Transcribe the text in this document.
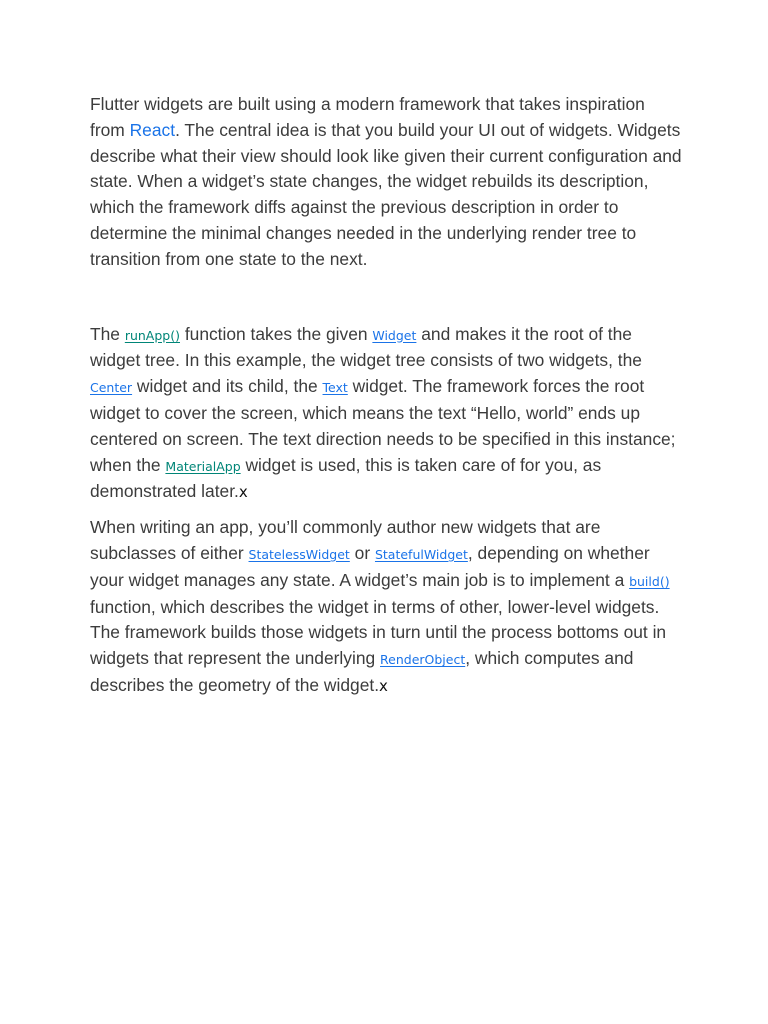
Flutter widgets are built using a modern framework that takes inspiration from React. The central idea is that you build your UI out of widgets. Widgets describe what their view should look like given their current configuration and state. When a widget’s state changes, the widget rebuilds its description, which the framework diffs against the previous description in order to determine the minimal changes needed in the underlying render tree to transition from one state to the next.

The runApp() function takes the given Widget and makes it the root of the widget tree. In this example, the widget tree consists of two widgets, the Center widget and its child, the Text widget. The framework forces the root widget to cover the screen, which means the text “Hello, world” ends up centered on screen. The text direction needs to be specified in this instance; when the MaterialApp widget is used, this is taken care of for you, as demonstrated later.x

When writing an app, you’ll commonly author new widgets that are subclasses of either StatelessWidget or StatefulWidget, depending on whether your widget manages any state. A widget’s main job is to implement a build() function, which describes the widget in terms of other, lower-level widgets. The framework builds those widgets in turn until the process bottoms out in widgets that represent the underlying RenderObject, which computes and describes the geometry of the widget.x
